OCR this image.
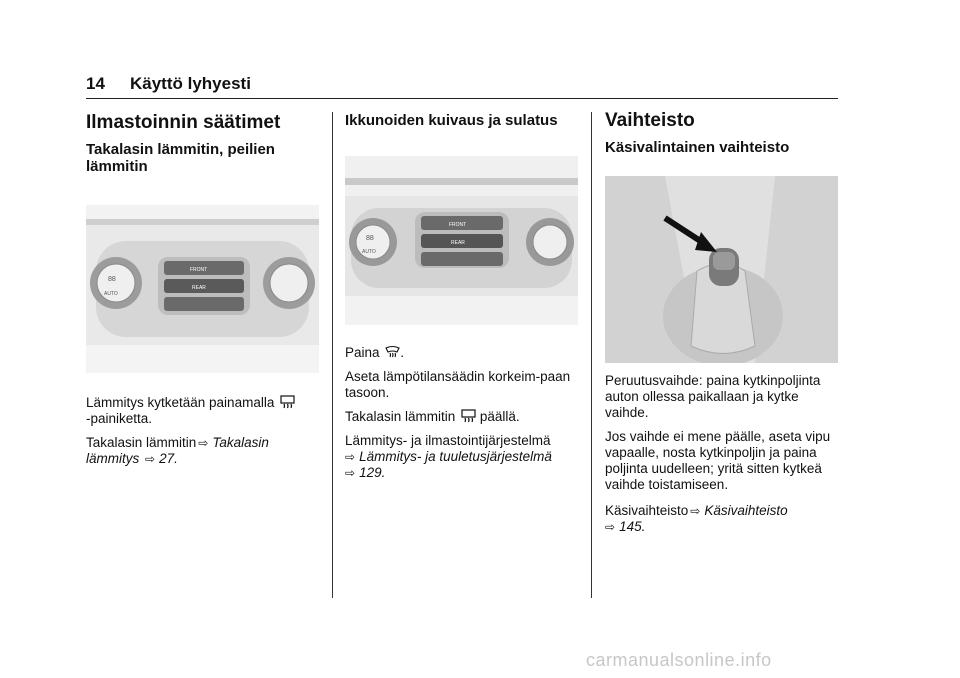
14 Käyttö lyhyesti
Ilmastoinnin säätimet
Takalasin lämmitin, peilien lämmitin
88
AUTO
FRONT
REAR

Lämmitys kytketään painamalla
-painiketta.

Takalasin lämmitin ⇨ Takalasin lämmitys ⇨ 27.

Ikkunoiden kuivaus ja sulatus
88
AUTO
FRONT
REAR

Paina .

Aseta lämpötilansäädin korkeim-paan tasoon.

Takalasin lämmitin päällä.

Lämmitys- ja ilmastointijärjestelmä
⇨ Lämmitys- ja tuuletusjärjestelmä
⇨ 129.

Vaihteisto
Käsivalintainen vaihteisto

Peruutusvaihde: paina kytkinpoljinta auton ollessa paikallaan ja kytke vaihde.

Jos vaihde ei mene päälle, aseta vipu vapaalle, nosta kytkinpoljin ja paina poljinta uudelleen; yritä sitten kytkeä vaihde toistamiseen.

Käsivaihteisto ⇨ Käsivaihteisto
⇨ 145.

carmanualsonline.info
